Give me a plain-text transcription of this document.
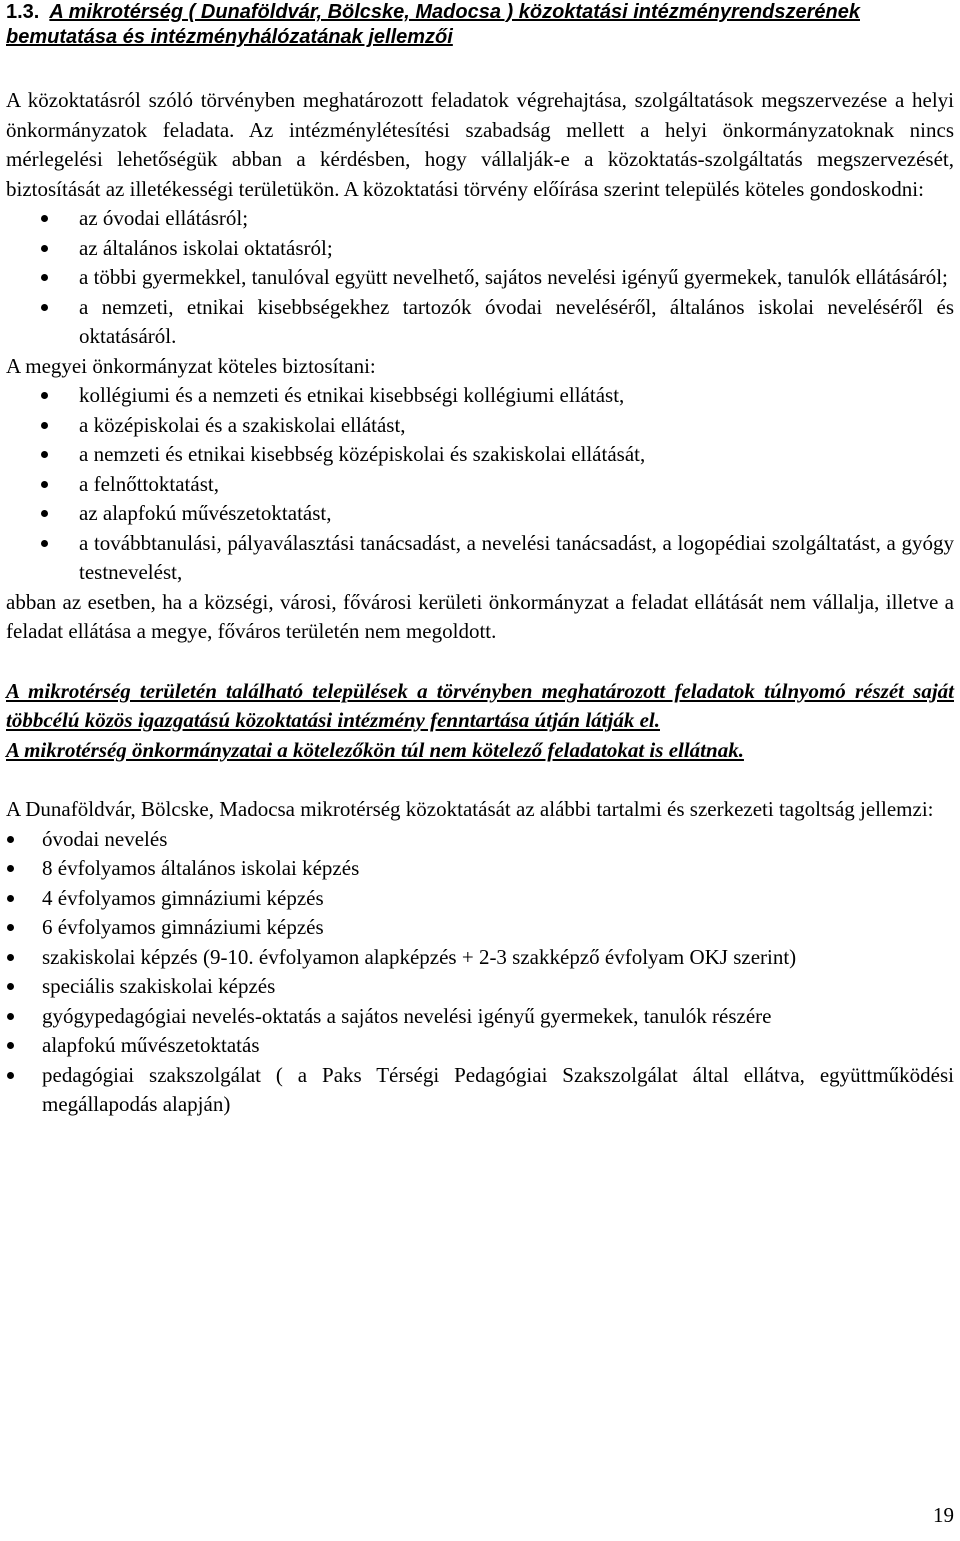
1.3. A mikrotérség ( Dunaföldvár, Bölcske, Madocsa ) közoktatási intézményrendszerének
bemutatása és intézményhálózatának jellemzői

A közoktatásról szóló törvényben meghatározott feladatok végrehajtása, szolgáltatások megszervezése a helyi önkormányzatok feladata. Az intézménylétesítési szabadság mellett a helyi önkormányzatoknak nincs mérlegelési lehetőségük abban a kérdésben, hogy vállalják-e a közoktatás-szolgáltatás megszervezését, biztosítását az illetékességi területükön. A közoktatási törvény előírása szerint település köteles gondoskodni:

az óvodai ellátásról;
az általános iskolai oktatásról;
a többi gyermekkel, tanulóval együtt nevelhető, sajátos nevelési igényű gyermekek, tanulók ellátásáról;
a nemzeti, etnikai kisebbségekhez tartozók óvodai neveléséről, általános iskolai neveléséről és oktatásáról.

A megyei önkormányzat köteles biztosítani:

kollégiumi és a nemzeti és etnikai kisebbségi kollégiumi ellátást,
a középiskolai és a szakiskolai ellátást,
a nemzeti és etnikai kisebbség középiskolai és szakiskolai ellátását,
a felnőttoktatást,
az alapfokú művészetoktatást,
a továbbtanulási, pályaválasztási tanácsadást, a nevelési tanácsadást, a logopédiai szolgáltatást, a gyógy testnevelést,

abban az esetben, ha a községi, városi, fővárosi kerületi önkormányzat a feladat ellátását nem vállalja, illetve a feladat ellátása a megye, főváros területén nem megoldott.

A mikrotérség területén található települések a törvényben meghatározott feladatok túlnyomó részét saját többcélú közös igazgatású közoktatási intézmény fenntartása útján látják el.

A mikrotérség önkormányzatai a kötelezőkön túl nem kötelező feladatokat is ellátnak.

A Dunaföldvár, Bölcske, Madocsa mikrotérség közoktatását az alábbi tartalmi és szerkezeti tagoltság jellemzi:

óvodai nevelés
8 évfolyamos általános iskolai képzés
4 évfolyamos gimnáziumi képzés
6 évfolyamos gimnáziumi képzés
szakiskolai képzés (9-10. évfolyamon alapképzés + 2-3 szakképző évfolyam OKJ szerint)
speciális szakiskolai képzés
gyógypedagógiai nevelés-oktatás a sajátos nevelési igényű gyermekek, tanulók részére
alapfokú művészetoktatás
pedagógiai szakszolgálat ( a Paks Térségi Pedagógiai Szakszolgálat által ellátva, együttműködési megállapodás alapján)
19
